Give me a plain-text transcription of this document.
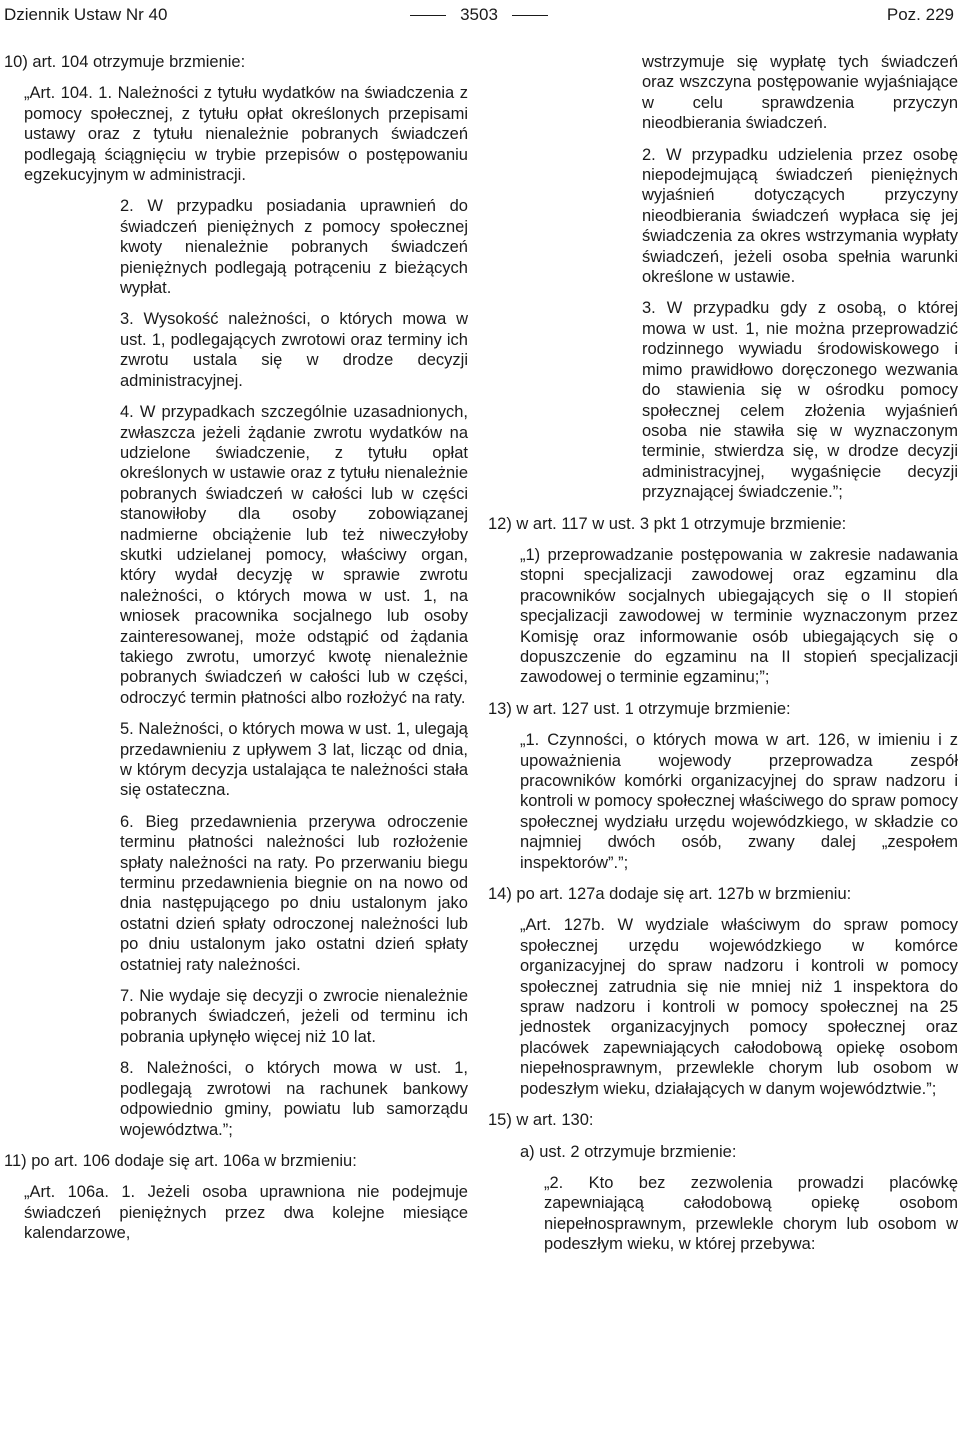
Dziennik Ustaw Nr 40	3503	Poz. 229

10) art. 104 otrzymuje brzmienie:

„Art. 104. 1. Należności z tytułu wydatków na świadczenia z pomocy społecznej, z tytułu opłat określonych przepisami ustawy oraz z tytułu nienależnie pobranych świadczeń podlegają ściągnięciu w trybie przepisów o postępowaniu egzekucyjnym w administracji.

2. W przypadku posiadania uprawnień do świadczeń pieniężnych z pomocy społecznej kwoty nienależnie pobranych świadczeń pieniężnych podlegają potrąceniu z bieżących wypłat.

3. Wysokość należności, o których mowa w ust. 1, podlegających zwrotowi oraz terminy ich zwrotu ustala się w drodze decyzji administracyjnej.

4. W przypadkach szczególnie uzasadnionych, zwłaszcza jeżeli żądanie zwrotu wydatków na udzielone świadczenie, z tytułu opłat określonych w ustawie oraz z tytułu nienależnie pobranych świadczeń w całości lub w części stanowiłoby dla osoby zobowiązanej nadmierne obciążenie lub też niweczyłoby skutki udzielanej pomocy, właściwy organ, który wydał decyzję w sprawie zwrotu należności, o których mowa w ust. 1, na wniosek pracownika socjalnego lub osoby zainteresowanej, może odstąpić od żądania takiego zwrotu, umorzyć kwotę nienależnie pobranych świadczeń w całości lub w części, odroczyć termin płatności albo rozłożyć na raty.

5. Należności, o których mowa w ust. 1, ulegają przedawnieniu z upływem 3 lat, licząc od dnia, w którym decyzja ustalająca te należności stała się ostateczna.

6. Bieg przedawnienia przerywa odroczenie terminu płatności należności lub rozłożenie spłaty należności na raty. Po przerwaniu biegu terminu przedawnienia biegnie on na nowo od dnia następującego po dniu ustalonym jako ostatni dzień spłaty odroczonej należności lub po dniu ustalonym jako ostatni dzień spłaty ostatniej raty należności.

7. Nie wydaje się decyzji o zwrocie nienależnie pobranych świadczeń, jeżeli od terminu ich pobrania upłynęło więcej niż 10 lat.

8. Należności, o których mowa w ust. 1, podlegają zwrotowi na rachunek bankowy odpowiednio gminy, powiatu lub samorządu województwa.”;

11) po art. 106 dodaje się art. 106a w brzmieniu:

„Art. 106a. 1. Jeżeli osoba uprawniona nie podejmuje świadczeń pieniężnych przez dwa kolejne miesiące kalendarzowe,

wstrzymuje się wypłatę tych świadczeń oraz wszczyna postępowanie wyjaśniające w celu sprawdzenia przyczyn nieodbierania świadczeń.

2. W przypadku udzielenia przez osobę niepodejmującą świadczeń pieniężnych wyjaśnień dotyczących przyczyny nieodbierania świadczeń wypłaca się jej świadczenia za okres wstrzymania wypłaty świadczeń, jeżeli osoba spełnia warunki określone w ustawie.

3. W przypadku gdy z osobą, o której mowa w ust. 1, nie można przeprowadzić rodzinnego wywiadu środowiskowego i mimo prawidłowo doręczonego wezwania do stawienia się w ośrodku pomocy społecznej celem złożenia wyjaśnień osoba nie stawiła się w wyznaczonym terminie, stwierdza się, w drodze decyzji administracyjnej, wygaśnięcie decyzji przyznającej świadczenie.”;

12) w art. 117 w ust. 3 pkt 1 otrzymuje brzmienie:

„1) przeprowadzanie postępowania w zakresie nadawania stopni specjalizacji zawodowej oraz egzaminu dla pracowników socjalnych ubiegających się o II stopień specjalizacji zawodowej w terminie wyznaczonym przez Komisję oraz informowanie osób ubiegających się o dopuszczenie do egzaminu na II stopień specjalizacji zawodowej o terminie egzaminu;”;

13) w art. 127 ust. 1 otrzymuje brzmienie:

„1. Czynności, o których mowa w art. 126, w imieniu i z upoważnienia wojewody przeprowadza zespół pracowników komórki organizacyjnej do spraw nadzoru i kontroli w pomocy społecznej właściwego do spraw pomocy społecznej wydziału urzędu wojewódzkiego, w składzie co najmniej dwóch osób, zwany dalej „zespołem inspektorów”.”;

14) po art. 127a dodaje się art. 127b w brzmieniu:

„Art. 127b. W wydziale właściwym do spraw pomocy społecznej urzędu wojewódzkiego w komórce organizacyjnej do spraw nadzoru i kontroli w pomocy społecznej zatrudnia się nie mniej niż 1 inspektora do spraw nadzoru i kontroli w pomocy społecznej na 25 jednostek organizacyjnych pomocy społecznej oraz placówek zapewniających całodobową opiekę osobom niepełnosprawnym, przewlekle chorym lub osobom w podeszłym wieku, działających w danym województwie.”;

15) w art. 130:

a) ust. 2 otrzymuje brzmienie:

„2. Kto bez zezwolenia prowadzi placówkę zapewniającą całodobową opiekę osobom niepełnosprawnym, przewlekle chorym lub osobom w podeszłym wieku, w której przebywa:
